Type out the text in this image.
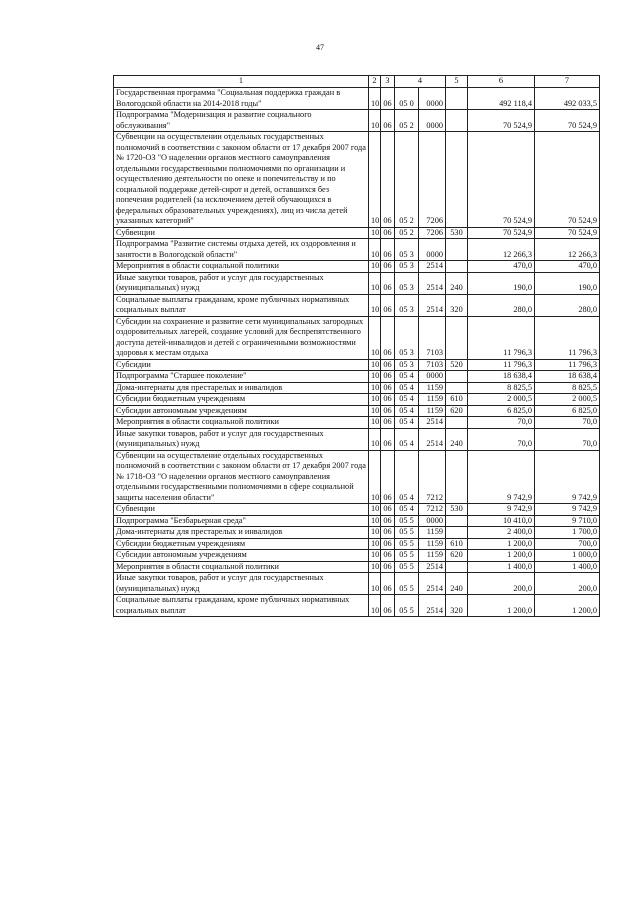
47
1	2	3	4		5	6	7
Государственная программа "Социальная поддержка граждан в Вологодской области на 2014-2018 годы"	10	06	05 0	0000		492 118,4	492 033,5
Подпрограмма "Модернизация и развитие социального обслуживания"	10	06	05 2	0000		70 524,9	70 524,9
Субвенции на осуществлении отдельных государственных полномочий в соответствии с законом области от 17 декабря 2007 года № 1720-ОЗ "О наделении органов местного самоуправления отдельными государственными полномочиями по организации и осуществлению деятельности по опеке и попечительству и по социальной поддержке детей-сирот и детей, оставшихся без попечения родителей (за исключением детей обучающихся в федеральных образовательных учреждениях), лиц из числа детей указанных категорий"	10	06	05 2	7206		70 524,9	70 524,9
Субвенции	10	06	05 2	7206	530	70 524,9	70 524,9
Подпрограмма "Развитие системы отдыха детей, их оздоровления и занятости в Вологодской области"	10	06	05 3	0000		12 266,3	12 266,3
Мероприятия в области социальной политики	10	06	05 3	2514		470,0	470,0
Иные закупки товаров, работ и услуг для государственных (муниципальных) нужд	10	06	05 3	2514	240	190,0	190,0
Социальные выплаты гражданам, кроме публичных нормативных социальных выплат	10	06	05 3	2514	320	280,0	280,0
Субсидии на сохранение и развитие сети муниципальных загородных оздоровительных лагерей, создание условий для беспрепятственного доступа детей-инвалидов и детей с ограниченными возможностями здоровья к местам отдыха	10	06	05 3	7103		11 796,3	11 796,3
Субсидии	10	06	05 3	7103	520	11 796,3	11 796,3
Подпрограмма "Старшее поколение"	10	06	05 4	0000		18 638,4	18 638,4
Дома-интернаты для престарелых и инвалидов	10	06	05 4	1159		8 825,5	8 825,5
Субсидии бюджетным учреждениям	10	06	05 4	1159	610	2 000,5	2 000,5
Субсидии автономным учреждениям	10	06	05 4	1159	620	6 825,0	6 825,0
Мероприятия в области социальной политики	10	06	05 4	2514		70,0	70,0
Иные закупки товаров, работ и услуг для государственных (муниципальных) нужд	10	06	05 4	2514	240	70,0	70,0
Субвенции на осуществление отдельных государственных полномочий в соответствии с законом области от 17 декабря 2007 года № 1718-ОЗ "О наделении органов местного самоуправления отдельными государственными полномочиями в сфере социальной защиты населения области"	10	06	05 4	7212		9 742,9	9 742,9
Субвенции	10	06	05 4	7212	530	9 742,9	9 742,9
Подпрограмма "Безбарьерная среда"	10	06	05 5	0000		10 410,0	9 710,0
Дома-интернаты для престарелых и инвалидов	10	06	05 5	1159		2 400,0	1 700,0
Субсидии бюджетным учреждениям	10	06	05 5	1159	610	1 200,0	700,0
Субсидии автономным учреждениям	10	06	05 5	1159	620	1 200,0	1 000,0
Мероприятия в области социальной политики	10	06	05 5	2514		1 400,0	1 400,0
Иные закупки товаров, работ и услуг для государственных (муниципальных) нужд	10	06	05 5	2514	240	200,0	200,0
Социальные выплаты гражданам, кроме публичных нормативных социальных выплат	10	06	05 5	2514	320	1 200,0	1 200,0
